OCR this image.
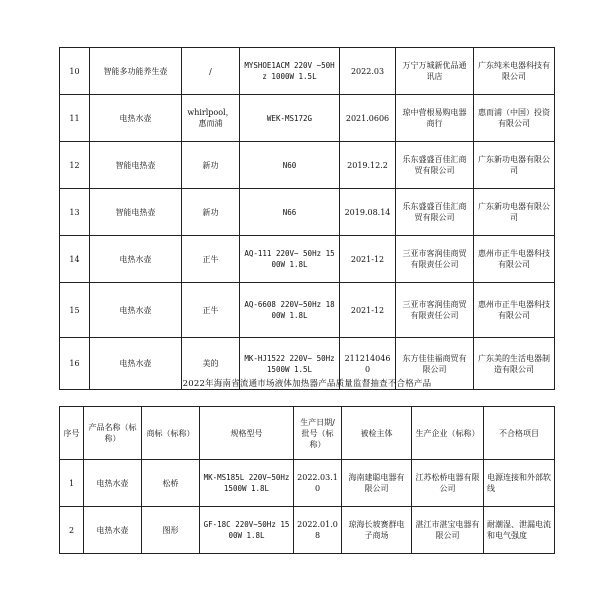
10	智能多功能养生壶	/	MYSHOE1ACM 220V ~50Hz 1000W 1.5L	2022.03	万宁万城新优品通讯店	广东纯米电器科技有限公司
11	电热水壶	whirlpool，惠而浦	WEK-MS172G	2021.0606	琼中营根易购电器商行	惠而浦（中国）投资有限公司
12	智能电热壶	新功	N60	2019.12.2	乐东盛盛百佳汇商贸有限公司	广东新功电器有限公司
13	智能电热壶	新功	N66	2019.08.14	乐东盛盛百佳汇商贸有限公司	广东新功电器有限公司
14	电热水壶	正牛	AQ-111 220V~ 50Hz 1500W 1.8L	2021-12	三亚市客润佳商贸有限责任公司	惠州市正牛电器科技有限公司
15	电热水壶	正牛	AQ-6608 220V~50Hz 1800W 1.8L	2021-12	三亚市客润佳商贸有限责任公司	惠州市正牛电器科技有限公司
16	电热水壶	美的	MK-HJ1522 220V~ 50Hz 1500W 1.5L	2112140460	东方佳佳福商贸有限公司	广东美的生活电器制造有限公司
2022年海南省流通市场液体加热器产品质量监督抽查不合格产品
序号	产品名称（标称）	商标（标称）	规格型号	生产日期/批号（标称）	被检主体	生产企业（标称）	不合格项目
1	电热水壶	松桥	MK-MS185L 220V~50Hz 1500W 1.8L	2022.03.10	海南建聪电器有限公司	江苏松桥电器有限公司	电源连接和外部软线
2	电热水壶	图形	GF-18C 220V~50Hz 1500W 1.8L	2022.01.08	琼海长坡赛群电子商场	湛江市湛宝电器有限公司	耐潮湿、泄漏电流和电气强度
